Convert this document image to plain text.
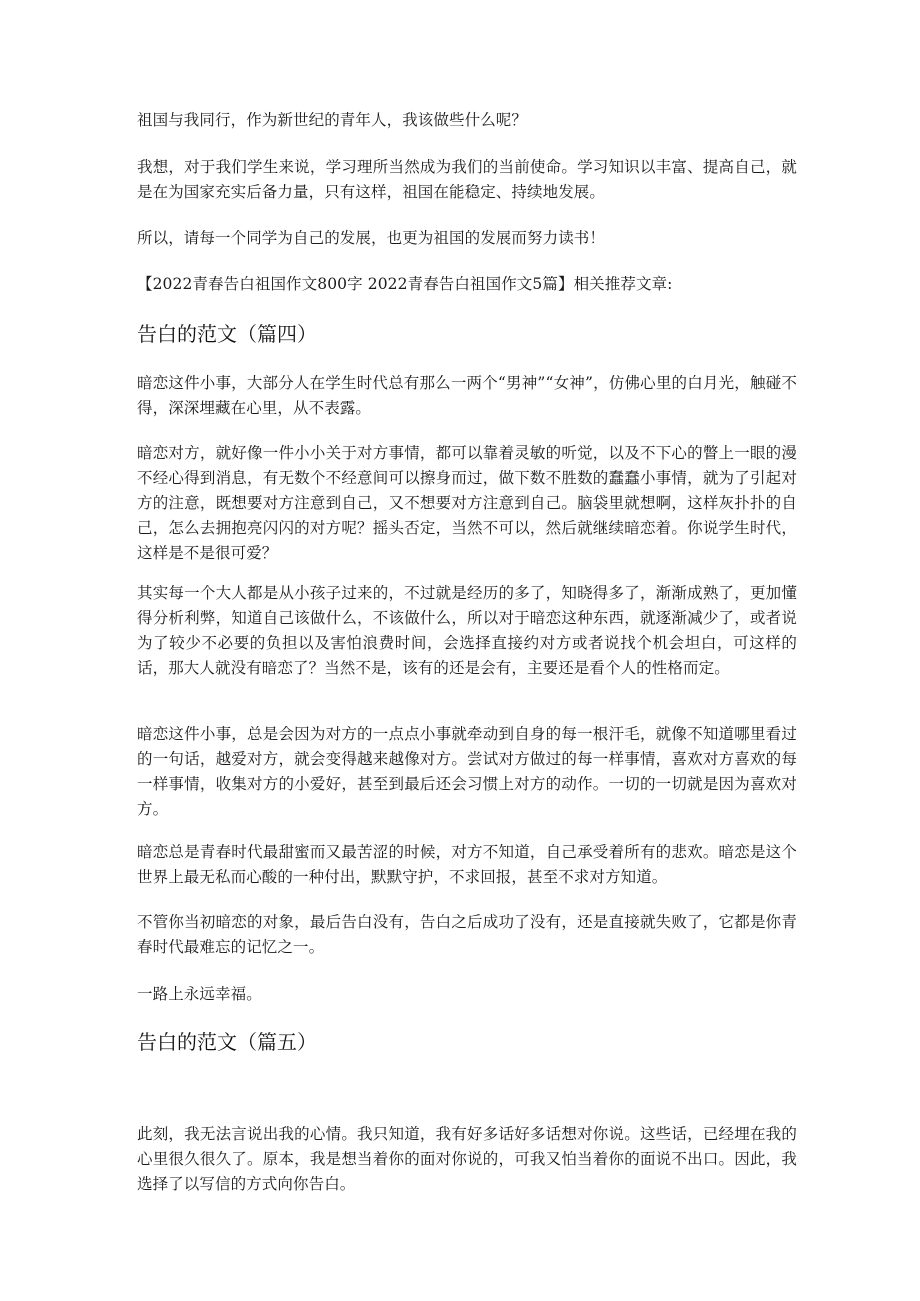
祖国与我同行，作为新世纪的青年人，我该做些什么呢？

我想，对于我们学生来说，学习理所当然成为我们的当前使命。学习知识以丰富、提高自己，就是在为国家充实后备力量，只有这样，祖国在能稳定、持续地发展。

所以，请每一个同学为自己的发展，也更为祖国的发展而努力读书！

【2022青春告白祖国作文800字 2022青春告白祖国作文5篇】相关推荐文章:

告白的范文（篇四）

暗恋这件小事，大部分人在学生时代总有那么一两个“男神”“女神”，仿佛心里的白月光，触碰不得，深深埋藏在心里，从不表露。

暗恋对方，就好像一件小小关于对方事情，都可以靠着灵敏的听觉，以及不下心的瞥上一眼的漫不经心得到消息，有无数个不经意间可以擦身而过，做下数不胜数的蠢蠢小事情，就为了引起对方的注意，既想要对方注意到自己，又不想要对方注意到自己。脑袋里就想啊，这样灰扑扑的自己，怎么去拥抱亮闪闪的对方呢？摇头否定，当然不可以，然后就继续暗恋着。你说学生时代，这样是不是很可爱？

其实每一个大人都是从小孩子过来的，不过就是经历的多了，知晓得多了，渐渐成熟了，更加懂得分析利弊，知道自己该做什么，不该做什么，所以对于暗恋这种东西，就逐渐减少了，或者说为了较少不必要的负担以及害怕浪费时间，会选择直接约对方或者说找个机会坦白，可这样的话，那大人就没有暗恋了？当然不是，该有的还是会有，主要还是看个人的性格而定。

暗恋这件小事，总是会因为对方的一点点小事就牵动到自身的每一根汗毛，就像不知道哪里看过的一句话，越爱对方，就会变得越来越像对方。尝试对方做过的每一样事情，喜欢对方喜欢的每一样事情，收集对方的小爱好，甚至到最后还会习惯上对方的动作。一切的一切就是因为喜欢对方。

暗恋总是青春时代最甜蜜而又最苦涩的时候，对方不知道，自己承受着所有的悲欢。暗恋是这个世界上最无私而心酸的一种付出，默默守护，不求回报，甚至不求对方知道。

不管你当初暗恋的对象，最后告白没有，告白之后成功了没有，还是直接就失败了，它都是你青春时代最难忘的记忆之一。

一路上永远幸福。

告白的范文（篇五）

此刻，我无法言说出我的心情。我只知道，我有好多话好多话想对你说。这些话，已经埋在我的心里很久很久了。原本，我是想当着你的面对你说的，可我又怕当着你的面说不出口。因此，我选择了以写信的方式向你告白。
